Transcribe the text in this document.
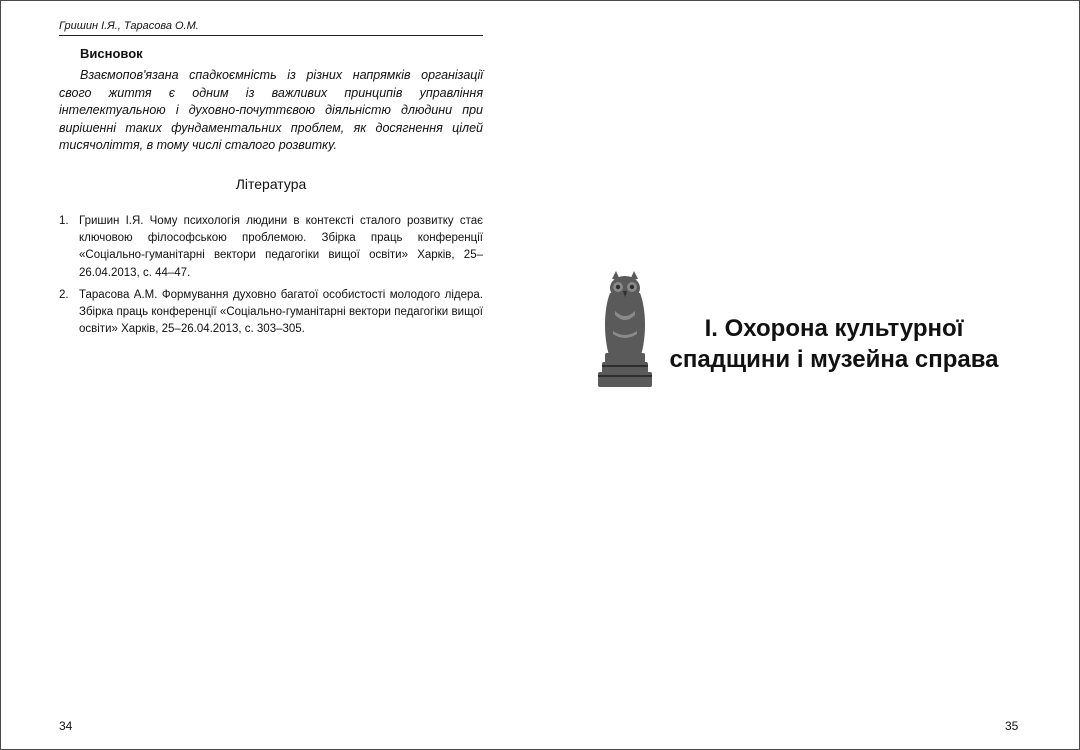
Гришин І.Я., Тарасова О.М.
Висновок

Взаємопов'язана спадкоємність із різних напрямків організації свого життя є одним із важливих принципів управління інтелектуальною і духовно-почуттєвою діяльністю длюдини при вирішенні таких фундаментальних проблем, як досягнення цілей тисячоліття, в тому числі сталого розвитку.

Література
1. Гришин І.Я. Чому психологія людини в контексті сталого розвитку стає ключовою філософською проблемою. Збірка праць конференції «Соціально-гуманітарні вектори педагогіки вищої освіти» Харків, 25–26.04.2013, с. 44–47.
2. Тарасова А.М. Формування духовно багатої особистості молодого лідера. Збірка праць конференції «Соціально-гуманітарні вектори педагогіки вищої освіти» Харків, 25–26.04.2013, с. 303–305.
34
І. Охорона культурної
спадщини і музейна справа
35
